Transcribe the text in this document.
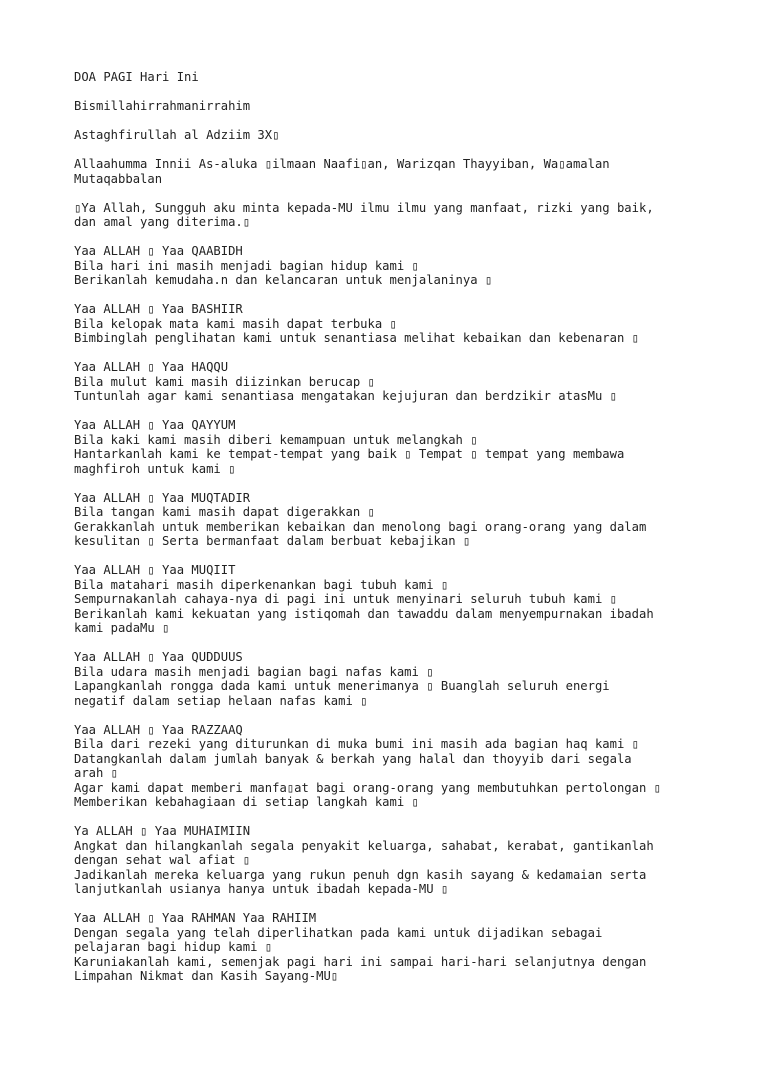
DOA PAGI Hari Ini
Bismillahirrahmanirrahim
Astaghfirullah al Adziim 3X▯
Allaahumma Innii As-aluka ▯ilmaan Naafi▯an, Warizqan Thayyiban, Wa▯amalan
Mutaqabbalan
▯Ya Allah, Sungguh aku minta kepada-MU ilmu ilmu yang manfaat, rizki yang baik,
dan amal yang diterima.▯
Yaa ALLAH ▯ Yaa QAABIDH
Bila hari ini masih menjadi bagian hidup kami ▯
Berikanlah kemudaha.n dan kelancaran untuk menjalaninya ▯
Yaa ALLAH ▯ Yaa BASHIIR
Bila kelopak mata kami masih dapat terbuka ▯
Bimbinglah penglihatan kami untuk senantiasa melihat kebaikan dan kebenaran ▯
Yaa ALLAH ▯ Yaa HAQQU
Bila mulut kami masih diizinkan berucap ▯
Tuntunlah agar kami senantiasa mengatakan kejujuran dan berdzikir atasMu ▯
Yaa ALLAH ▯ Yaa QAYYUM
Bila kaki kami masih diberi kemampuan untuk melangkah ▯
Hantarkanlah kami ke tempat-tempat yang baik ▯ Tempat ▯ tempat yang membawa
maghfiroh untuk kami ▯
Yaa ALLAH ▯ Yaa MUQTADIR
Bila tangan kami masih dapat digerakkan ▯
Gerakkanlah untuk memberikan kebaikan dan menolong bagi orang-orang yang dalam
kesulitan ▯ Serta bermanfaat dalam berbuat kebajikan ▯
Yaa ALLAH ▯ Yaa MUQIIT
Bila matahari masih diperkenankan bagi tubuh kami ▯
Sempurnakanlah cahaya-nya di pagi ini untuk menyinari seluruh tubuh kami ▯
Berikanlah kami kekuatan yang istiqomah dan tawaddu dalam menyempurnakan ibadah
kami padaMu ▯
Yaa ALLAH ▯ Yaa QUDDUUS
Bila udara masih menjadi bagian bagi nafas kami ▯
Lapangkanlah rongga dada kami untuk menerimanya ▯ Buanglah seluruh energi
negatif dalam setiap helaan nafas kami ▯
Yaa ALLAH ▯ Yaa RAZZAAQ
Bila dari rezeki yang diturunkan di muka bumi ini masih ada bagian haq kami ▯
Datangkanlah dalam jumlah banyak & berkah yang halal dan thoyyib dari segala
arah ▯
Agar kami dapat memberi manfa▯at bagi orang-orang yang membutuhkan pertolongan ▯
Memberikan kebahagiaan di setiap langkah kami ▯
Ya ALLAH ▯ Yaa MUHAIMIIN
Angkat dan hilangkanlah segala penyakit keluarga, sahabat, kerabat, gantikanlah
dengan sehat wal afiat ▯
Jadikanlah mereka keluarga yang rukun penuh dgn kasih sayang & kedamaian serta
lanjutkanlah usianya hanya untuk ibadah kepada-MU ▯
Yaa ALLAH ▯ Yaa RAHMAN Yaa RAHIIM
Dengan segala yang telah diperlihatkan pada kami untuk dijadikan sebagai
pelajaran bagi hidup kami ▯
Karuniakanlah kami, semenjak pagi hari ini sampai hari-hari selanjutnya dengan
Limpahan Nikmat dan Kasih Sayang-MU▯
